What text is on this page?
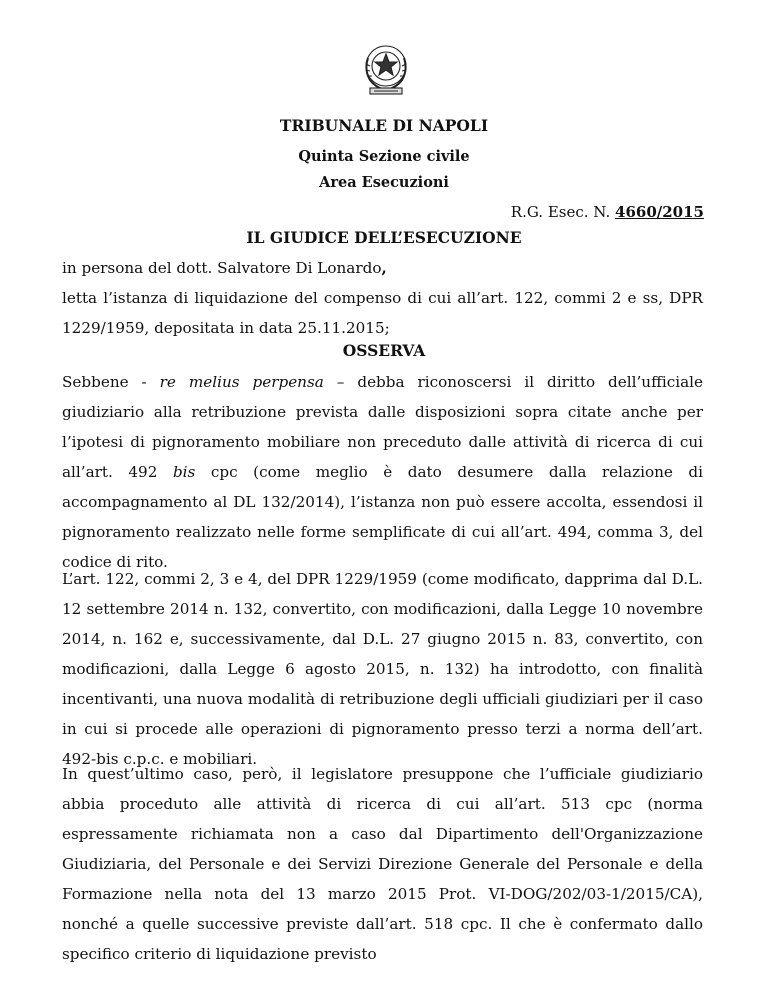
TRIBUNALE DI NAPOLI
Quinta Sezione civile
Area Esecuzioni
R.G. Esec. N. 4660/2015
IL GIUDICE DELL’ESECUZIONE

in persona del dott. Salvatore Di Lonardo,

letta l’istanza di liquidazione del compenso di cui all’art. 122, commi 2 e ss, DPR 1229/1959, depositata in data 25.11.2015;

OSSERVA

Sebbene - re melius perpensa – debba riconoscersi il diritto dell’ufficiale giudiziario alla retribuzione prevista dalle disposizioni sopra citate anche per l’ipotesi di pignoramento mobiliare non preceduto dalle attività di ricerca di cui all’art. 492 bis cpc (come meglio è dato desumere dalla relazione di accompagnamento al DL 132/2014), l’istanza non può essere accolta, essendosi il pignoramento realizzato nelle forme semplificate di cui all’art. 494, comma 3, del codice di rito.

L’art. 122, commi 2, 3 e 4, del DPR 1229/1959 (come modificato, dapprima dal D.L. 12 settembre 2014 n. 132, convertito, con modificazioni, dalla Legge 10 novembre 2014, n. 162 e, successivamente, dal D.L. 27 giugno 2015 n. 83, convertito, con modificazioni, dalla Legge 6 agosto 2015, n. 132) ha introdotto, con finalità incentivanti, una nuova modalità di retribuzione degli ufficiali giudiziari per il caso in cui si procede alle operazioni di pignoramento presso terzi a norma dell’art. 492-bis c.p.c. e mobiliari.

In quest’ultimo caso, però, il legislatore presuppone che l’ufficiale giudiziario abbia proceduto alle attività di ricerca di cui all’art. 513 cpc (norma espressamente richiamata non a caso dal Dipartimento dell'Organizzazione Giudiziaria, del Personale e dei Servizi Direzione Generale del Personale e della Formazione nella nota del 13 marzo 2015 Prot. VI-DOG/202/03-1/2015/CA), nonché a quelle successive previste dall’art. 518 cpc. Il che è confermato dallo specifico criterio di liquidazione previsto
